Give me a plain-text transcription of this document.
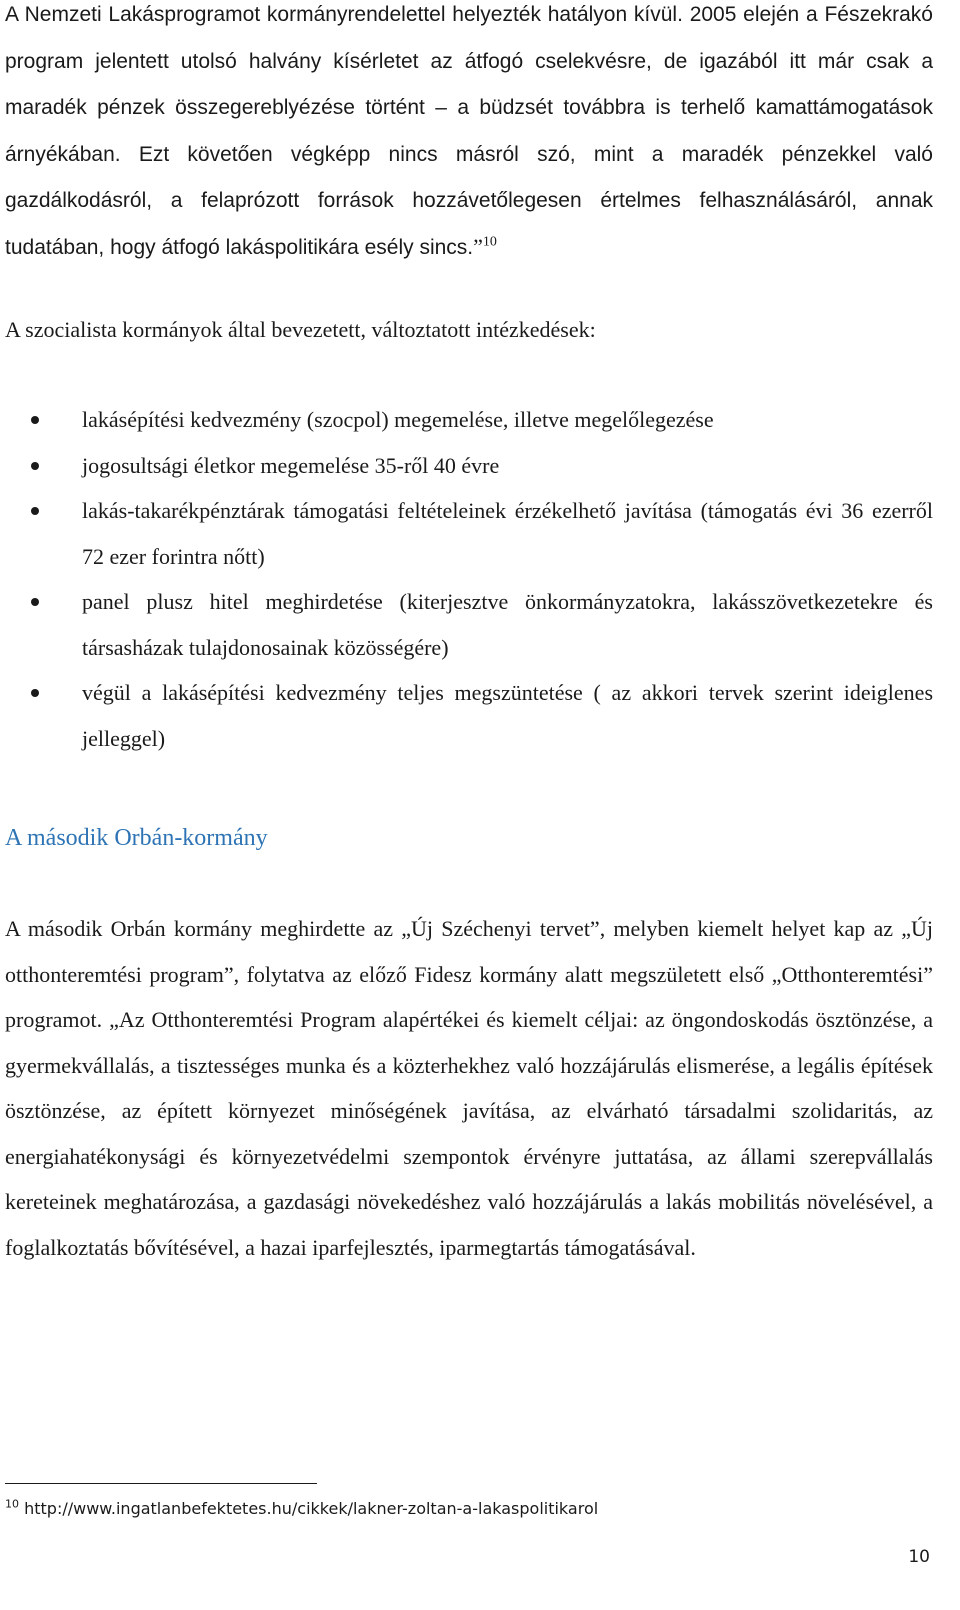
A Nemzeti Lakásprogramot kormányrendelettel helyezték hatályon kívül. 2005 elején a Fészekrakó program jelentett utolsó halvány kísérletet az átfogó cselekvésre, de igazából itt már csak a maradék pénzek összegereblyézése történt – a büdzsét továbbra is terhelő kamattámogatások árnyékában. Ezt követően végképp nincs másról szó, mint a maradék pénzekkel való gazdálkodásról, a felaprózott források hozzávetőlegesen értelmes felhasználásáról, annak tudatában, hogy átfogó lakáspolitikára esély sincs.”$^{10}$

A szocialista kormányok által bevezetett, változtatott intézkedések:

lakásépítési kedvezmény (szocpol) megemelése, illetve megelőlegezése
jogosultsági életkor megemelése 35-ről 40 évre
lakás-takarékpénztárak támogatási feltételeinek érzékelhető javítása (támogatás évi 36 ezerről 72 ezer forintra nőtt)
panel plusz hitel meghirdetése (kiterjesztve önkormányzatokra, lakásszövetkezetekre és társasházak tulajdonosainak közösségére)
végül a lakásépítési kedvezmény teljes megszüntetése ( az akkori tervek szerint ideiglenes jelleggel)
A második Orbán-kormány

A második Orbán kormány meghirdette az „Új Széchenyi tervet”, melyben kiemelt helyet kap az „Új otthonteremtési program”, folytatva az előző Fidesz kormány alatt megszületett első „Otthonteremtési” programot. „Az Otthonteremtési Program alapértékei és kiemelt céljai: az öngondoskodás ösztönzése, a gyermekvállalás, a tisztességes munka és a közterhekhez való hozzájárulás elismerése, a legális építések ösztönzése, az épített környezet minőségének javítása, az elvárható társadalmi szolidaritás, az energiahatékonysági és környezetvédelmi szempontok érvényre juttatása, az állami szerepvállalás kereteinek meghatározása, a gazdasági növekedéshez való hozzájárulás a lakás mobilitás növelésével, a foglalkoztatás bővítésével, a hazai iparfejlesztés, iparmegtartás támogatásával.

$^{10}$ http://www.ingatlanbefektetes.hu/cikkek/lakner-zoltan-a-lakaspolitikarol

10
